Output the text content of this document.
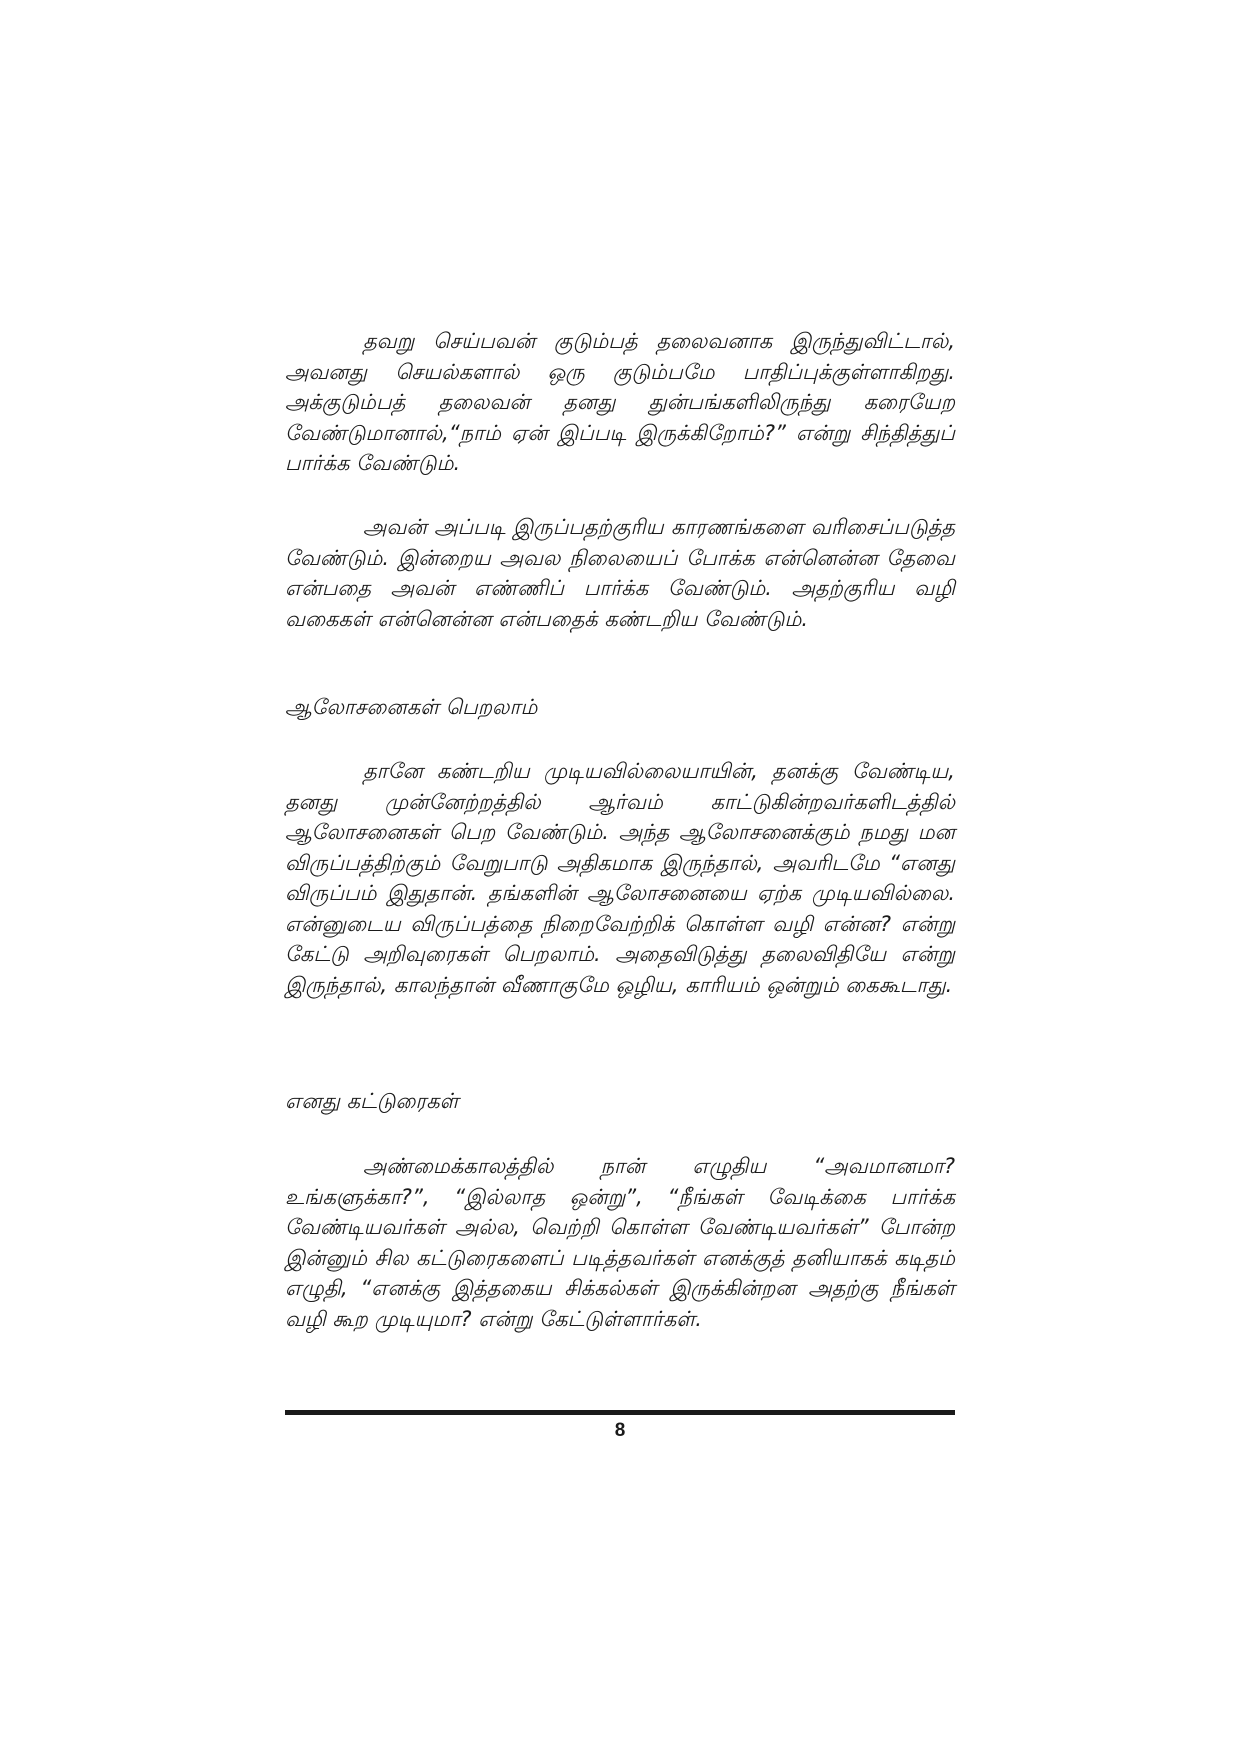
தவறு செய்பவன் குடும்பத் தலைவனாக இருந்துவிட்டால், அவனது செயல்களால் ஒரு குடும்பமே பாதிப்புக்குள்ளாகிறது. அக்குடும்பத் தலைவன் தனது துன்பங்களிலிருந்து கரையேற வேண்டுமானால்,“நாம் ஏன் இப்படி இருக்கிறோம்?” என்று சிந்தித்துப் பார்க்க வேண்டும்.

அவன் அப்படி இருப்பதற்குரிய காரணங்களை வரிசைப்படுத்த வேண்டும். இன்றைய அவல நிலையைப் போக்க என்னென்ன தேவை என்பதை அவன் எண்ணிப் பார்க்க வேண்டும். அதற்குரிய வழி வகைகள் என்னென்ன என்பதைக் கண்டறிய வேண்டும்.

ஆலோசனைகள் பெறலாம்

தானே கண்டறிய முடியவில்லையாயின், தனக்கு வேண்டிய, தனது முன்னேற்றத்தில் ஆர்வம் காட்டுகின்றவர்களிடத்தில் ஆலோசனைகள் பெற வேண்டும். அந்த ஆலோசனைக்கும் நமது மன விருப்பத்திற்கும் வேறுபாடு அதிகமாக இருந்தால், அவரிடமே “எனது விருப்பம் இதுதான். தங்களின் ஆலோசனையை ஏற்க முடியவில்லை. என்னுடைய விருப்பத்தை நிறைவேற்றிக் கொள்ள வழி என்ன? என்று கேட்டு அறிவுரைகள் பெறலாம். அதைவிடுத்து தலைவிதியே என்று இருந்தால், காலந்தான் வீணாகுமே ஒழிய, காரியம் ஒன்றும் கைகூடாது.

எனது கட்டுரைகள்

அண்மைக்காலத்தில் நான் எழுதிய “அவமானமா? உங்களுக்கா?”, “இல்லாத ஒன்று”, “நீங்கள் வேடிக்கை பார்க்க வேண்டியவர்கள் அல்ல, வெற்றி கொள்ள வேண்டியவர்கள்” போன்ற இன்னும் சில கட்டுரைகளைப் படித்தவர்கள் எனக்குத் தனியாகக் கடிதம் எழுதி, “எனக்கு இத்தகைய சிக்கல்கள் இருக்கின்றன அதற்கு நீங்கள் வழி கூற முடியுமா? என்று கேட்டுள்ளார்கள்.

8
